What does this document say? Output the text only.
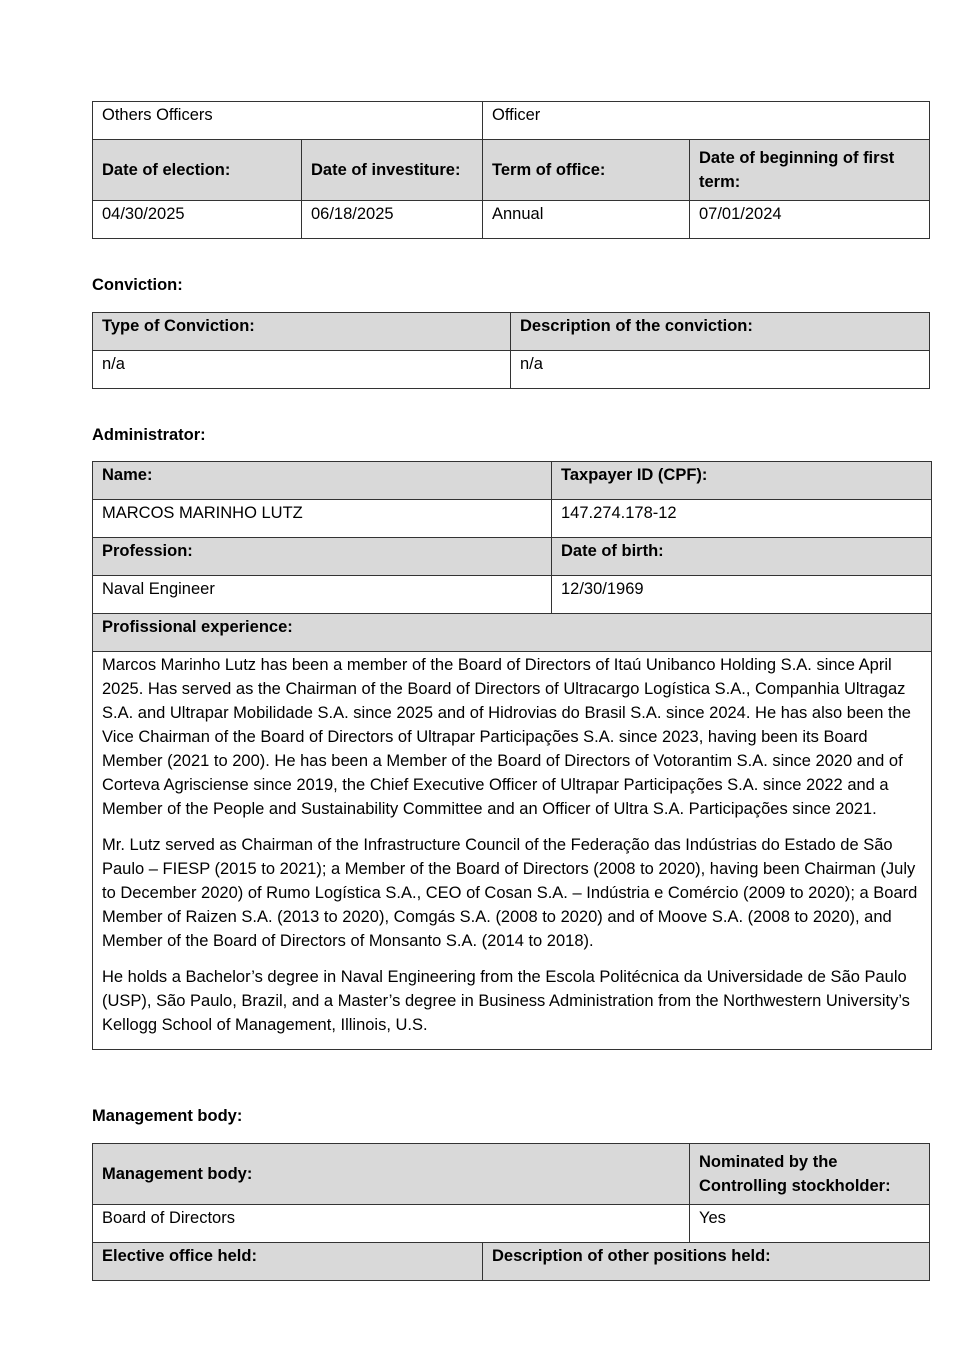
Others Officers		Officer	
Date of election:	Date of investiture:	Term of office:	Date of beginning of first term:
04/30/2025	06/18/2025	Annual	07/01/2024
Conviction:
Type of Conviction:	Description of the conviction:
n/a	n/a
Administrator:
Name:	Taxpayer ID (CPF):
MARCOS MARINHO LUTZ	147.274.178-12
Profession:	Date of birth:
Naval Engineer	12/30/1969
Profissional experience:	

Marcos Marinho Lutz has been a member of the Board of Directors of Itaú Unibanco Holding S.A. since April 2025. Has served as the Chairman of the Board of Directors of Ultracargo Logística S.A., Companhia Ultragaz S.A. and Ultrapar Mobilidade S.A. since 2025 and of Hidrovias do Brasil S.A. since 2024. He has also been the Vice Chairman of the Board of Directors of Ultrapar Participações S.A. since 2023, having been its Board Member (2021 to 200). He has been a Member of the Board of Directors of Votorantim S.A. since 2020 and of Corteva Agrisciense since 2019, the Chief Executive Officer of Ultrapar Participações S.A. since 2022 and a Member of the People and Sustainability Committee and an Officer of Ultra S.A. Participações since 2021.

Mr. Lutz served as Chairman of the Infrastructure Council of the Federação das Indústrias do Estado de São Paulo – FIESP (2015 to 2021); a Member of the Board of Directors (2008 to 2020), having been Chairman (July to December 2020) of Rumo Logística S.A., CEO of Cosan S.A. – Indústria e Comércio (2009 to 2020); a Board Member of Raizen S.A. (2013 to 2020), Comgás S.A. (2008 to 2020) and of Moove S.A. (2008 to 2020), and Member of the Board of Directors of Monsanto S.A. (2014 to 2018).

He holds a Bachelor’s degree in Naval Engineering from the Escola Politécnica da Universidade de São Paulo (USP), São Paulo, Brazil, and a Master’s degree in Business Administration from the Northwestern University’s Kellogg School of Management, Illinois, U.S.	

Management body:
Management body:		Nominated by the Controlling stockholder:
Board of Directors		Yes
Elective office held:	Description of other positions held:	
